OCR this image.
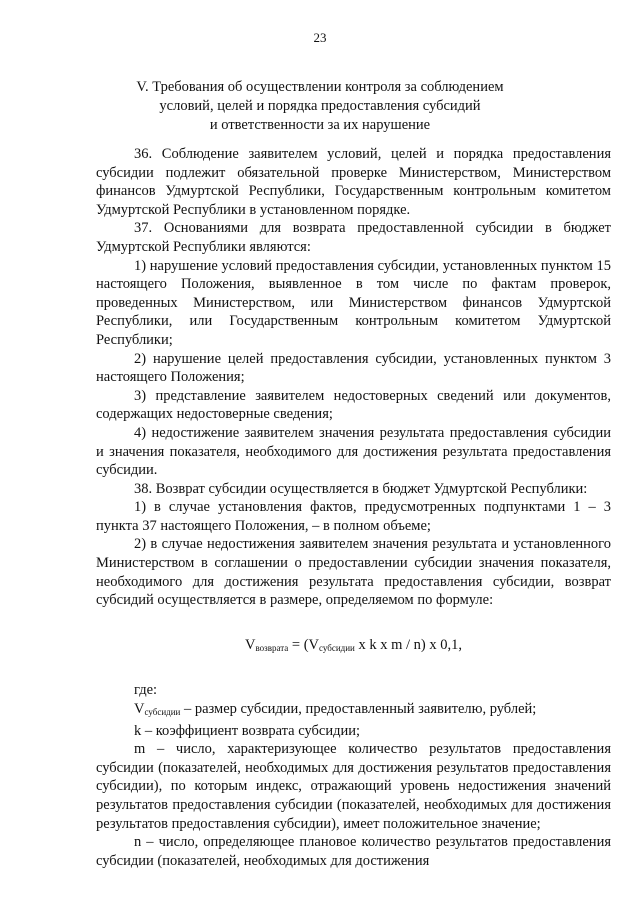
23
V. Требования об осуществлении контроля за соблюдением
условий, целей и порядка предоставления субсидий
и ответственности за их нарушение

36. Соблюдение заявителем условий, целей и порядка предоставления субсидии подлежит обязательной проверке Министерством, Министерством финансов Удмуртской Республики, Государственным контрольным комитетом Удмуртской Республики в установленном порядке.

37. Основаниями для возврата предоставленной субсидии в бюджет Удмуртской Республики являются:

1) нарушение условий предоставления субсидии, установленных пунктом 15 настоящего Положения, выявленное в том числе по фактам проверок, проведенных Министерством, или Министерством финансов Удмуртской Республики, или Государственным контрольным комитетом Удмуртской Республики;

2) нарушение целей предоставления субсидии, установленных пунктом 3 настоящего Положения;

3) представление заявителем недостоверных сведений или документов, содержащих недостоверные сведения;

4) недостижение заявителем значения результата предоставления субсидии и значения показателя, необходимого для достижения результата предоставления субсидии.

38. Возврат субсидии осуществляется в бюджет Удмуртской Республики:

1) в случае установления фактов, предусмотренных подпунктами 1 – 3 пункта 37 настоящего Положения, – в полном объеме;

2) в случае недостижения заявителем значения результата и установленного Министерством в соглашении о предоставлении субсидии значения показателя, необходимого для достижения результата предоставления субсидии, возврат субсидий осуществляется в размере, определяемом по формуле:

$V_{возврата} = (V_{субсидии}$ x k x m / n) x 0,1,

где:

$V_{субсидии}$ – размер субсидии, предоставленный заявителю, рублей;

k – коэффициент возврата субсидии;

m – число, характеризующее количество результатов предоставления субсидии (показателей, необходимых для достижения результатов предоставления субсидии), по которым индекс, отражающий уровень недостижения значений результатов предоставления субсидии (показателей, необходимых для достижения результатов предоставления субсидии), имеет положительное значение;

n – число, определяющее плановое количество результатов предоставления субсидии (показателей, необходимых для достижения
